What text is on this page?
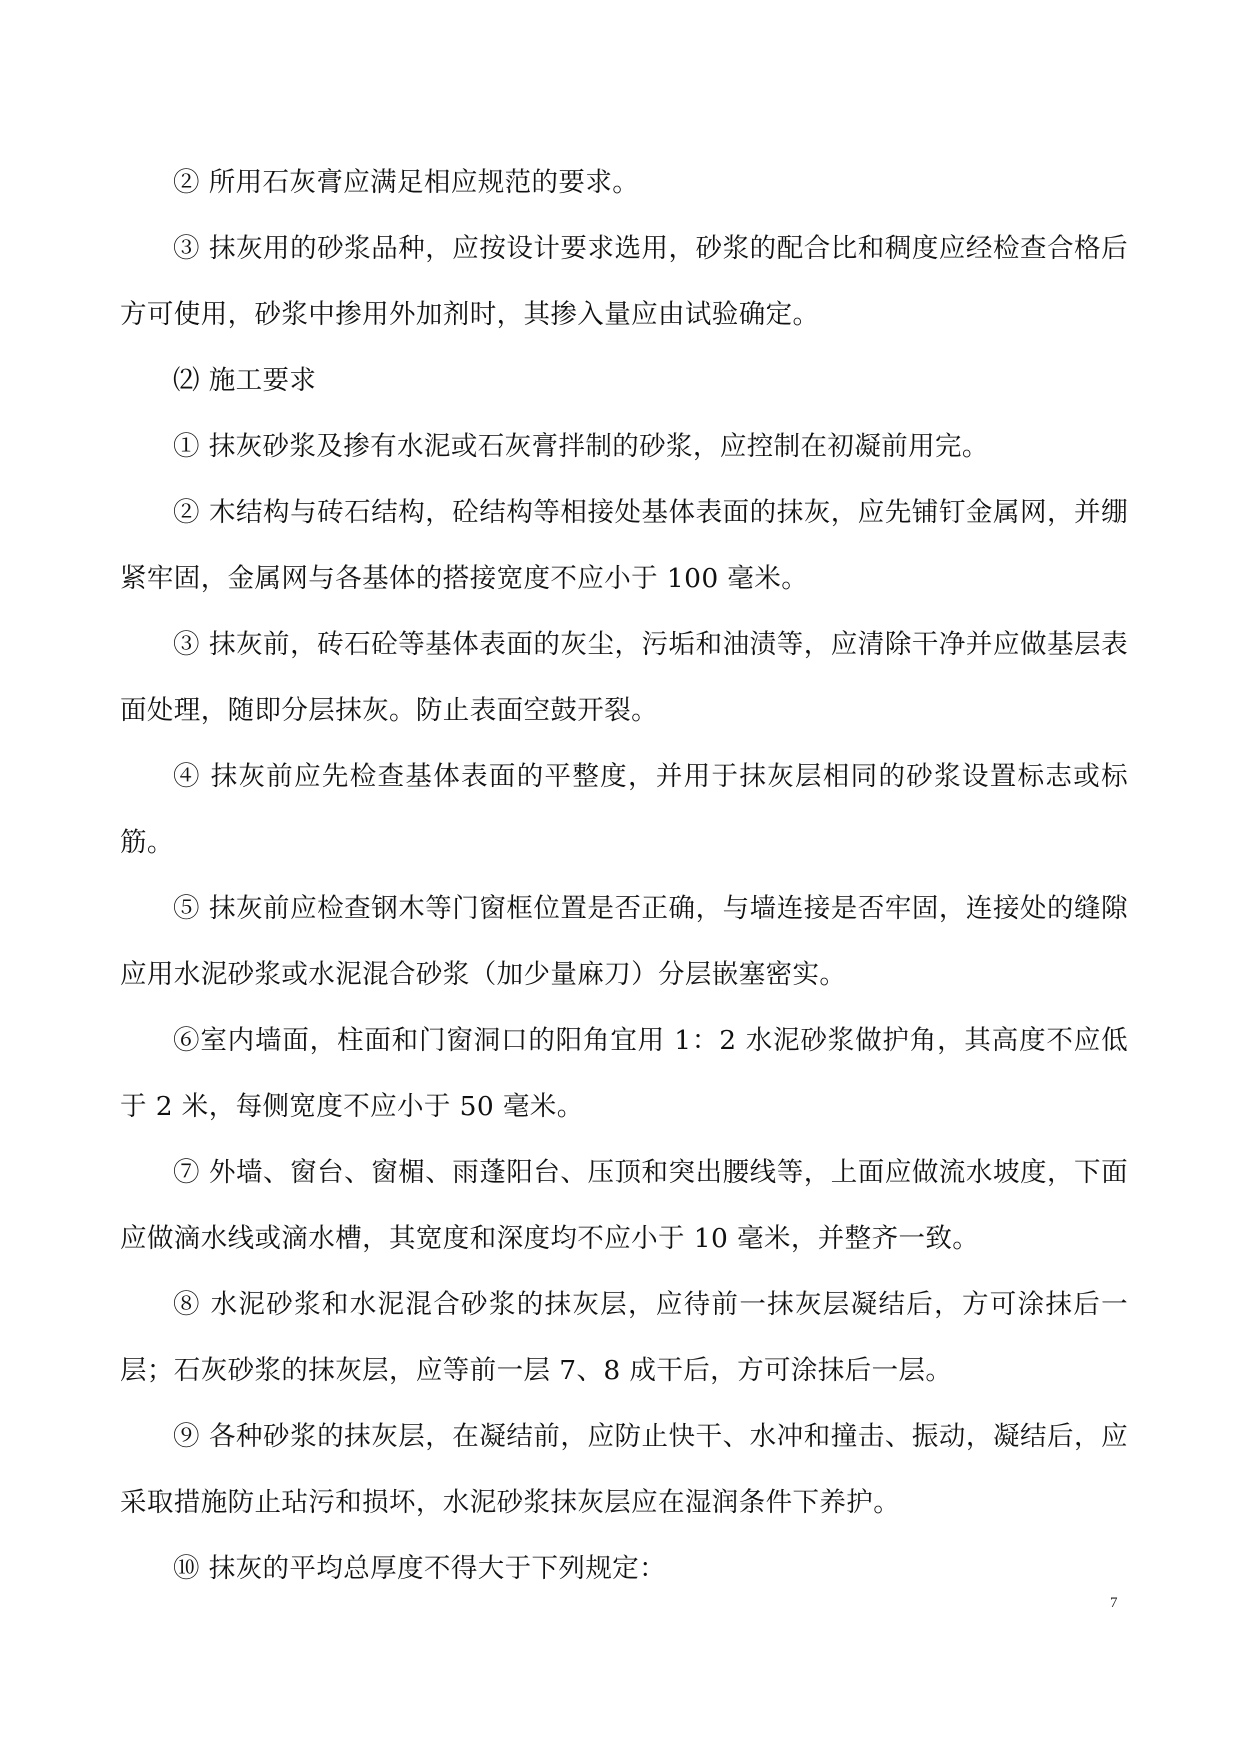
② 所用石灰膏应满足相应规范的要求。

③ 抹灰用的砂浆品种，应按设计要求选用，砂浆的配合比和稠度应经检查合格后方可使用，砂浆中掺用外加剂时，其掺入量应由试验确定。

⑵ 施工要求

① 抹灰砂浆及掺有水泥或石灰膏拌制的砂浆，应控制在初凝前用完。

② 木结构与砖石结构，砼结构等相接处基体表面的抹灰，应先铺钉金属网，并绷紧牢固，金属网与各基体的搭接宽度不应小于 100 毫米。

③ 抹灰前，砖石砼等基体表面的灰尘，污垢和油渍等，应清除干净并应做基层表面处理，随即分层抹灰。防止表面空鼓开裂。

④ 抹灰前应先检查基体表面的平整度，并用于抹灰层相同的砂浆设置标志或标筋。

⑤ 抹灰前应检查钢木等门窗框位置是否正确，与墙连接是否牢固，连接处的缝隙应用水泥砂浆或水泥混合砂浆（加少量麻刀）分层嵌塞密实。

⑥室内墙面，柱面和门窗洞口的阳角宜用 1：2 水泥砂浆做护角，其高度不应低于 2 米，每侧宽度不应小于 50 毫米。

⑦ 外墙、窗台、窗楣、雨蓬阳台、压顶和突出腰线等，上面应做流水坡度，下面应做滴水线或滴水槽，其宽度和深度均不应小于 10 毫米，并整齐一致。

⑧ 水泥砂浆和水泥混合砂浆的抹灰层，应待前一抹灰层凝结后，方可涂抹后一层；石灰砂浆的抹灰层，应等前一层 7、8 成干后，方可涂抹后一层。

⑨ 各种砂浆的抹灰层，在凝结前，应防止快干、水冲和撞击、振动，凝结后，应采取措施防止玷污和损坏，水泥砂浆抹灰层应在湿润条件下养护。

⑩ 抹灰的平均总厚度不得大于下列规定：

7
